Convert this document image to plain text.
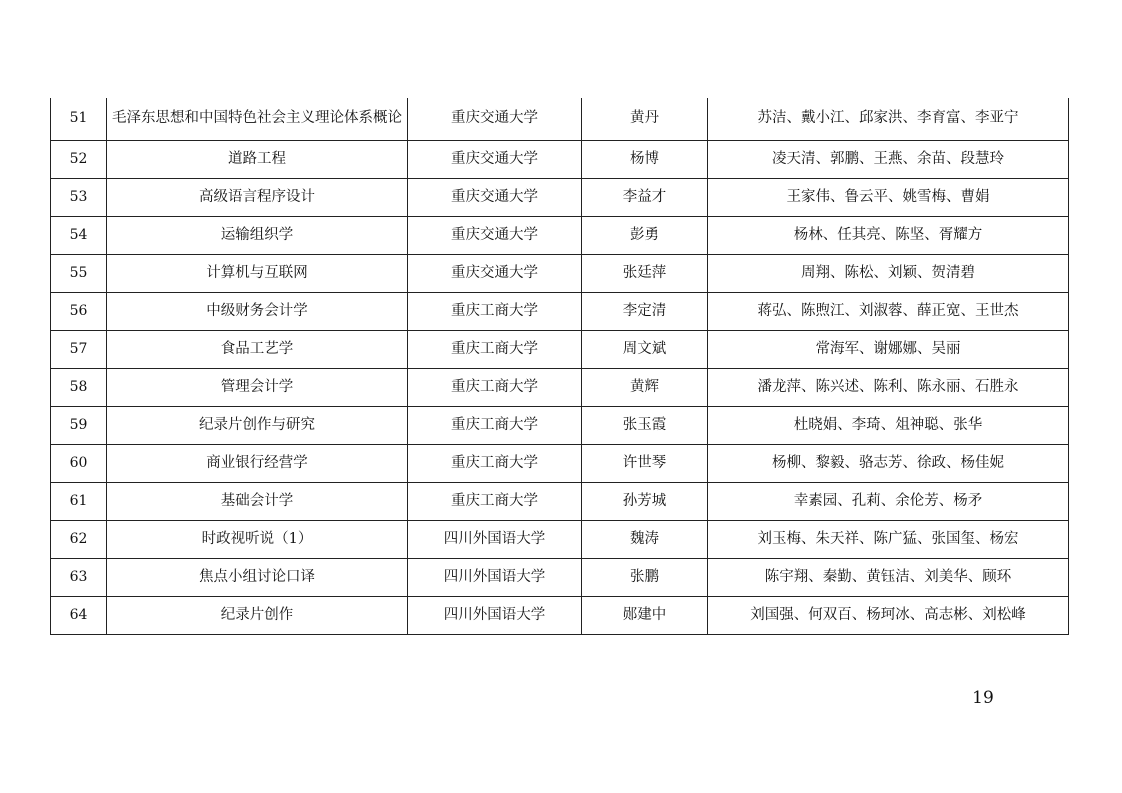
51	毛泽东思想和中国特色社会主义理论体系概论	重庆交通大学	黄丹	苏洁、戴小江、邱家洪、李育富、李亚宁
52	道路工程	重庆交通大学	杨博	凌天清、郭鹏、王燕、余苗、段慧玲
53	高级语言程序设计	重庆交通大学	李益才	王家伟、鲁云平、姚雪梅、曹娟
54	运输组织学	重庆交通大学	彭勇	杨林、任其亮、陈坚、胥耀方
55	计算机与互联网	重庆交通大学	张廷萍	周翔、陈松、刘颖、贺清碧
56	中级财务会计学	重庆工商大学	李定清	蒋弘、陈煦江、刘淑蓉、薛正宽、王世杰
57	食品工艺学	重庆工商大学	周文斌	常海军、谢娜娜、吴丽
58	管理会计学	重庆工商大学	黄辉	潘龙萍、陈兴述、陈利、陈永丽、石胜永
59	纪录片创作与研究	重庆工商大学	张玉霞	杜晓娟、李琦、俎神聪、张华
60	商业银行经营学	重庆工商大学	许世琴	杨柳、黎毅、骆志芳、徐政、杨佳妮
61	基础会计学	重庆工商大学	孙芳城	幸素园、孔莉、余伦芳、杨矛
62	时政视听说（1）	四川外国语大学	魏涛	刘玉梅、朱天祥、陈广猛、张国玺、杨宏
63	焦点小组讨论口译	四川外国语大学	张鹏	陈宇翔、秦勤、黄钰洁、刘美华、顾环
64	纪录片创作	四川外国语大学	郧建中	刘国强、何双百、杨珂冰、高志彬、刘松峰
19
